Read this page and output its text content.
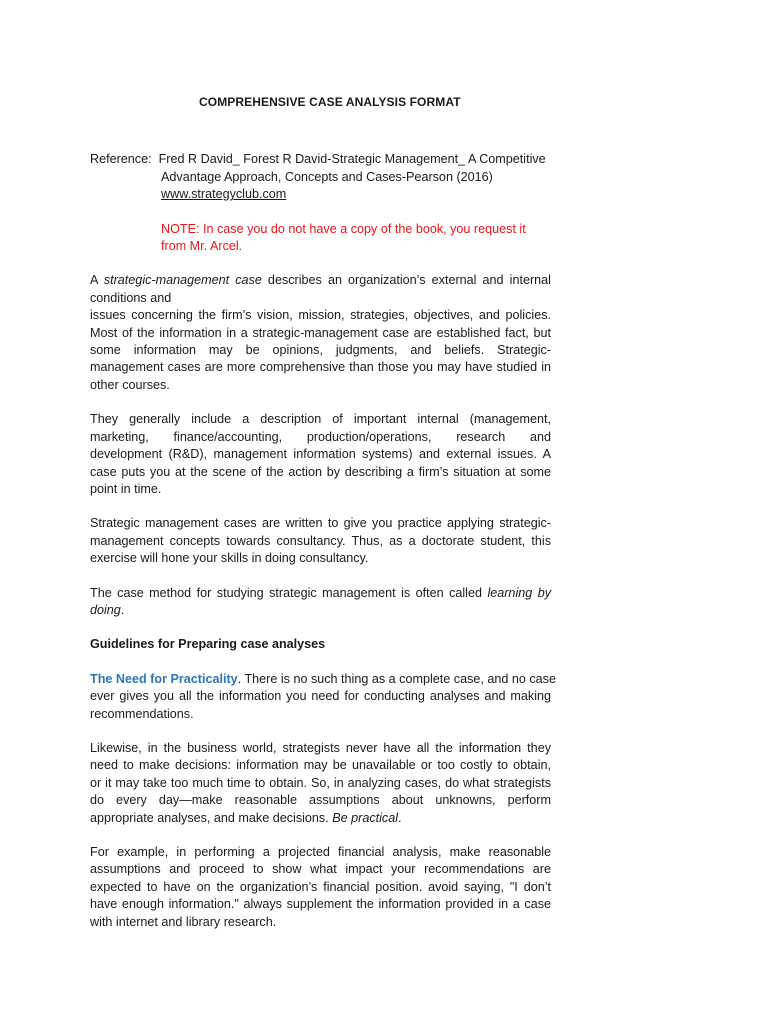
COMPREHENSIVE CASE ANALYSIS FORMAT
Reference: Fred R David_ Forest R David-Strategic Management_ A Competitive
Advantage Approach, Concepts and Cases-Pearson (2016)
www.strategyclub.com
NOTE: In case you do not have a copy of the book, you request it
from Mr. Arcel.

A strategic-management case describes an organization’s external and internal
conditions and
issues concerning the firm’s vision, mission, strategies, objectives, and policies.
Most of the information in a strategic-management case are established fact, but
some information may be opinions, judgments, and beliefs. Strategic-
management cases are more comprehensive than those you may have studied in
other courses.

They generally include a description of important internal (management,
marketing, finance/accounting, production/operations, research and
development (R&D), management information systems) and external issues. A
case puts you at the scene of the action by describing a firm’s situation at some
point in time.

Strategic management cases are written to give you practice applying strategic-
management concepts towards consultancy. Thus, as a doctorate student, this
exercise will hone your skills in doing consultancy.

The case method for studying strategic management is often called learning by
doing.

Guidelines for Preparing case analyses

The Need for Practicality. There is no such thing as a complete case, and no case
ever gives you all the information you need for conducting analyses and making
recommendations.

Likewise, in the business world, strategists never have all the information they
need to make decisions: information may be unavailable or too costly to obtain,
or it may take too much time to obtain. So, in analyzing cases, do what strategists
do every day—make reasonable assumptions about unknowns, perform
appropriate analyses, and make decisions. Be practical.

For example, in performing a projected financial analysis, make reasonable
assumptions and proceed to show what impact your recommendations are
expected to have on the organization’s financial position. avoid saying, "I don’t
have enough information." always supplement the information provided in a case
with internet and library research.
